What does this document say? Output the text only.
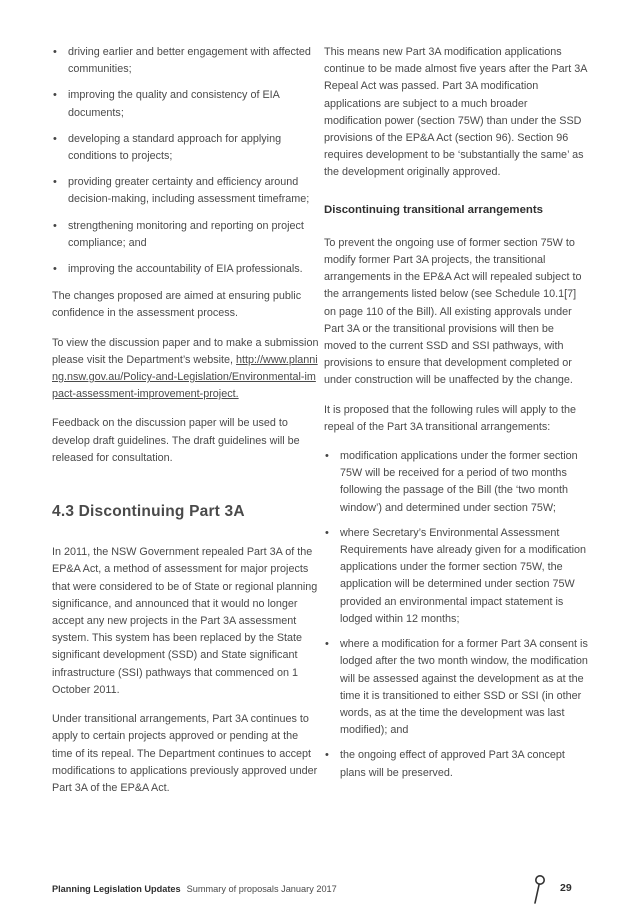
• driving earlier and better engagement with affected communities;
• improving the quality and consistency of EIA documents;
• developing a standard approach for applying conditions to projects;
• providing greater certainty and efficiency around decision-making, including assessment timeframe;
• strengthening monitoring and reporting on project compliance; and
• improving the accountability of EIA professionals.

The changes proposed are aimed at ensuring public confidence in the assessment process.

To view the discussion paper and to make a submission please visit the Department’s website, http://www.planning.nsw.gov.au/Policy-and-Legislation/Environmental-impact-assessment-improvement-project.

Feedback on the discussion paper will be used to develop draft guidelines. The draft guidelines will be released for consultation.

4.3 Discontinuing Part 3A

In 2011, the NSW Government repealed Part 3A of the EP&A Act, a method of assessment for major projects that were considered to be of State or regional planning significance, and announced that it would no longer accept any new projects in the Part 3A assessment system. This system has been replaced by the State significant development (SSD) and State significant infrastructure (SSI) pathways that commenced on 1 October 2011.

Under transitional arrangements, Part 3A continues to apply to certain projects approved or pending at the time of its repeal. The Department continues to accept modifications to applications previously approved under Part 3A of the EP&A Act.

This means new Part 3A modification applications continue to be made almost five years after the Part 3A Repeal Act was passed. Part 3A modification applications are subject to a much broader modification power (section 75W) than under the SSD provisions of the EP&A Act (section 96). Section 96 requires development to be ‘substantially the same’ as the development originally approved.

Discontinuing transitional arrangements

To prevent the ongoing use of former section 75W to modify former Part 3A projects, the transitional arrangements in the EP&A Act will repealed subject to the arrangements listed below (see Schedule 10.1[7] on page 110 of the Bill). All existing approvals under Part 3A or the transitional provisions will then be moved to the current SSD and SSI pathways, with provisions to ensure that development completed or under construction will be unaffected by the change.

It is proposed that the following rules will apply to the repeal of the Part 3A transitional arrangements:

• modification applications under the former section 75W will be received for a period of two months following the passage of the Bill (the ‘two month window’) and determined under section 75W;
• where Secretary’s Environmental Assessment Requirements have already given for a modification applications under the former section 75W, the application will be determined under section 75W provided an environmental impact statement is lodged within 12 months;
• where a modification for a former Part 3A consent is lodged after the two month window, the modification will be assessed against the development as at the time it is transitioned to either SSD or SSI (in other words, as at the time the development was last modified); and
• the ongoing effect of approved Part 3A concept plans will be preserved.
Planning Legislation Updates Summary of proposals January 2017	29
